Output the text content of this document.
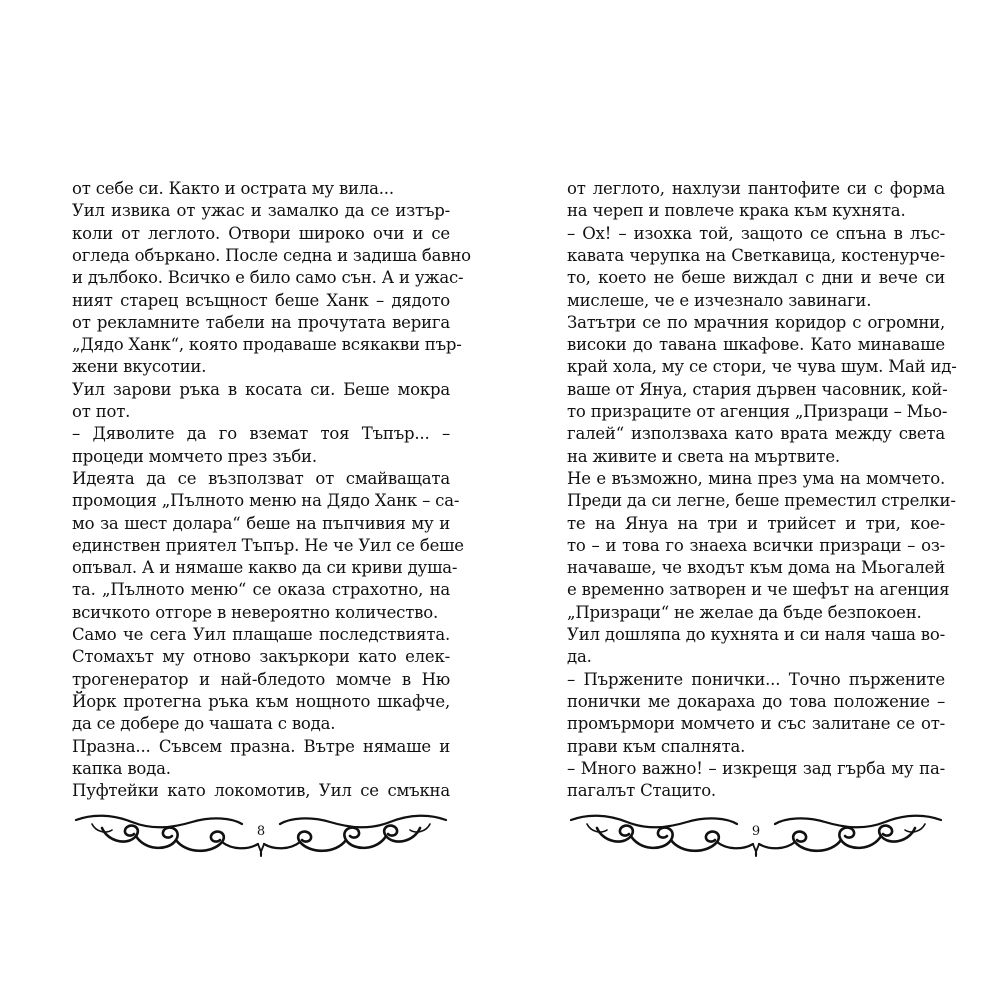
от себе си. Както и острата му вила...
Уил извика от ужас и замалко да се изтър-
коли от леглото. Отвори широко очи и се
огледа объркано. После седна и задиша бавно
и дълбоко. Всичко е било само сън. А и ужас-
ният старец всъщност беше Ханк – дядото
от рекламните табели на прочутата верига
„Дядо Ханк“, която продаваше всякакви пър-
жени вкусотии.
Уил зарови ръка в косата си. Беше мокра
от пот.
– Дяволите да го вземат тоя Тъпър... –
процеди момчето през зъби.
Идеята да се възползват от смайващата
промоция „Пълното меню на Дядо Ханк – са-
мо за шест долара“ беше на пъпчивия му и
единствен приятел Тъпър. Не че Уил се беше
опъвал. А и нямаше какво да си криви душа-
та. „Пълното меню“ се оказа страхотно, на
всичкото отгоре в невероятно количество.
Само че сега Уил плащаше последствията.
Стомахът му отново закъркори като елек-
трогенератор и най-бледото момче в Ню
Йорк протегна ръка към нощното шкафче,
да се добере до чашата с вода.
Празна... Съвсем празна. Вътре нямаше и
капка вода.
Пуфтейки като локомотив, Уил се смъкна
8
от леглото, нахлузи пантофите си с форма
на череп и повлече крака към кухнята.
– Ох! – изохка той, защото се спъна в лъс-
кавата черупка на Светкавица, костенурче-
то, което не беше виждал с дни и вече си
мислеше, че е изчезнало завинаги.
Затътри се по мрачния коридор с огромни,
високи до тавана шкафове. Като минаваше
край хола, му се стори, че чува шум. Май ид-
ваше от Януа, стария дървен часовник, кой-
то призраците от агенция „Призраци – Мьо-
галей“ използваха като врата между света
на живите и света на мъртвите.
Не е възможно, мина през ума на момчето.
Преди да си легне, беше преместил стрелки-
те на Януа на три и трийсет и три, кое-
то – и това го знаеха всички призраци – оз-
начаваше, че входът към дома на Мьогалей
е временно затворен и че шефът на агенция
„Призраци“ не желае да бъде безпокоен.
Уил дошляпа до кухнята и си наля чаша во-
да.
– Пържените понички... Точно пържените
понички ме докараха до това положение –
промърмори момчето и със залитане се от-
прави към спалнята.
– Много важно! – изкрещя зад гърба му па-
пагалът Стацито.
9
